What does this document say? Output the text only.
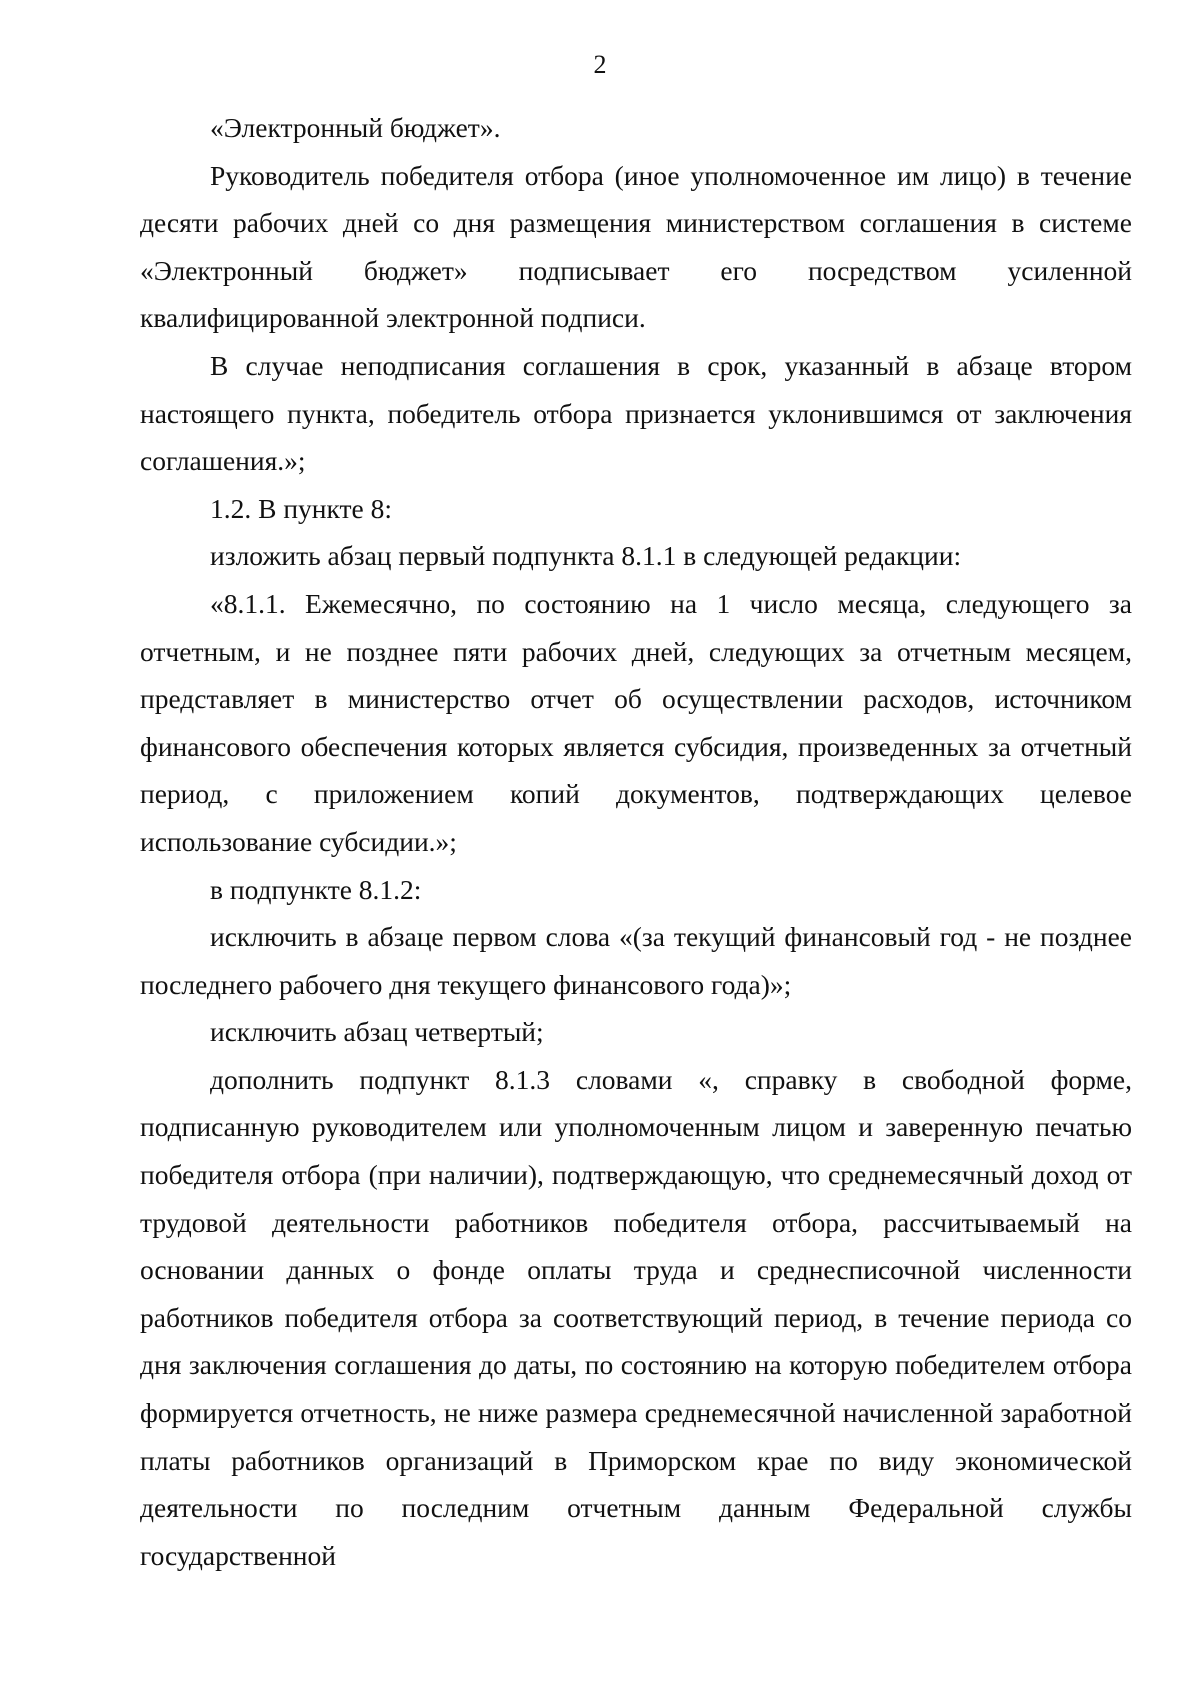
2

«Электронный бюджет».

Руководитель победителя отбора (иное уполномоченное им лицо) в течение десяти рабочих дней со дня размещения министерством соглашения в системе «Электронный бюджет» подписывает его посредством усиленной квалифицированной электронной подписи.

В случае неподписания соглашения в срок, указанный в абзаце втором настоящего пункта, победитель отбора признается уклонившимся от заключения соглашения.»;

1.2. В пункте 8:

изложить абзац первый подпункта 8.1.1 в следующей редакции:

«8.1.1. Ежемесячно, по состоянию на 1 число месяца, следующего за отчетным, и не позднее пяти рабочих дней, следующих за отчетным месяцем, представляет в министерство отчет об осуществлении расходов, источником финансового обеспечения которых является субсидия, произведенных за отчетный период, с приложением копий документов, подтверждающих целевое использование субсидии.»;

в подпункте 8.1.2:

исключить в абзаце первом слова «(за текущий финансовый год - не позднее последнего рабочего дня текущего финансового года)»;

исключить абзац четвертый;

дополнить подпункт 8.1.3 словами «, справку в свободной форме, подписанную руководителем или уполномоченным лицом и заверенную печатью победителя отбора (при наличии), подтверждающую, что среднемесячный доход от трудовой деятельности работников победителя отбора, рассчитываемый на основании данных о фонде оплаты труда и среднесписочной численности работников победителя отбора за соответствующий период, в течение периода со дня заключения соглашения до даты, по состоянию на которую победителем отбора формируется отчетность, не ниже размера среднемесячной начисленной заработной платы работников организаций в Приморском крае по виду экономической деятельности по последним отчетным данным Федеральной службы государственной
